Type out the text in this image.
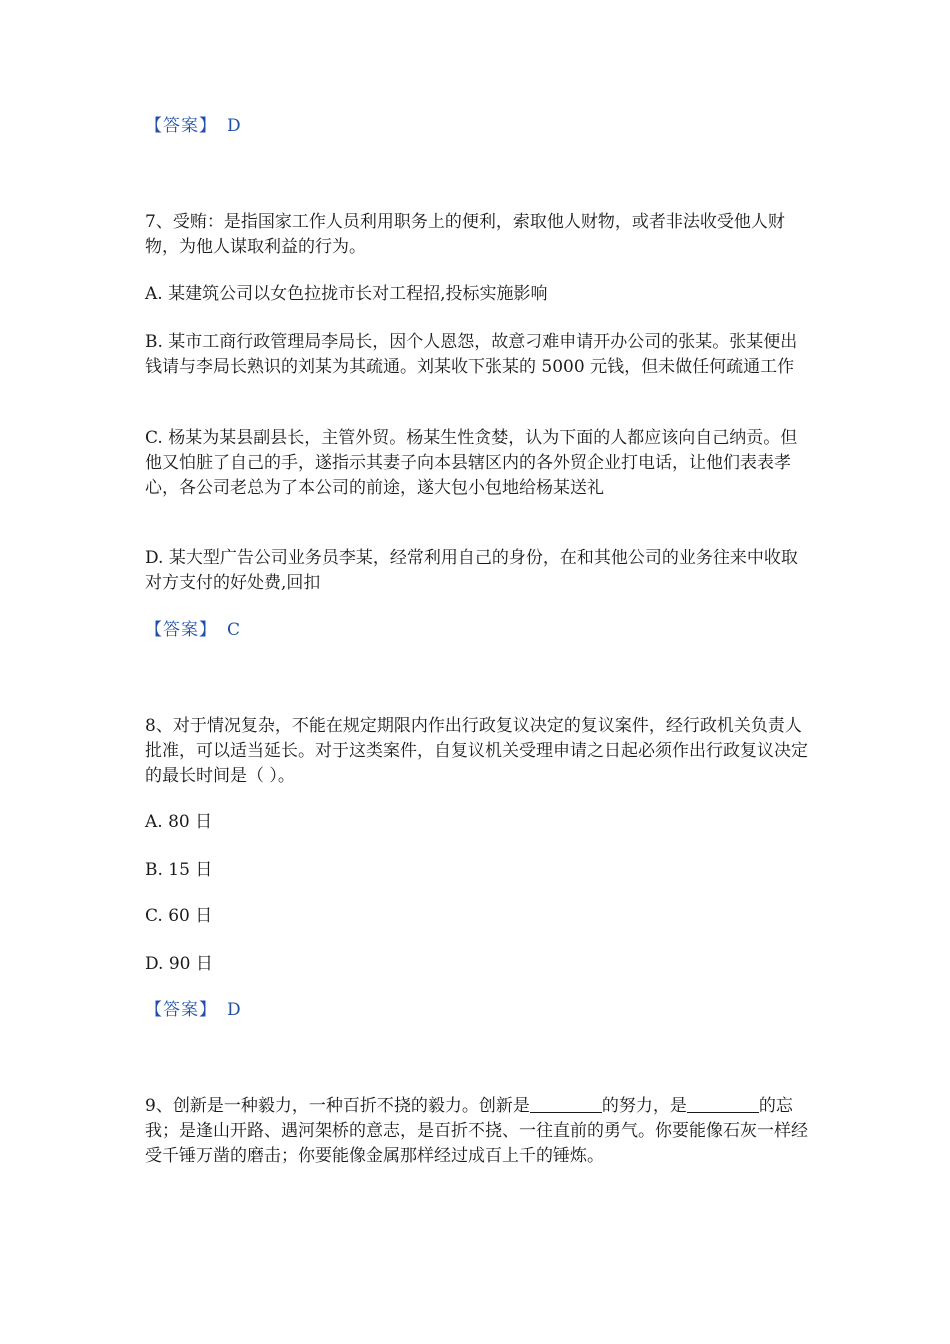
【答案】 D

7、受贿：是指国家工作人员利用职务上的便利，索取他人财物，或者非法收受他人财物，为他人谋取利益的行为。

A. 某建筑公司以女色拉拢市长对工程招,投标实施影响

B. 某市工商行政管理局李局长，因个人恩怨，故意刁难申请开办公司的张某。张某便出钱请与李局长熟识的刘某为其疏通。刘某收下张某的 5000 元钱，但未做任何疏通工作

C. 杨某为某县副县长，主管外贸。杨某生性贪婪，认为下面的人都应该向自己纳贡。但他又怕脏了自己的手，遂指示其妻子向本县辖区内的各外贸企业打电话，让他们表表孝心，各公司老总为了本公司的前途，遂大包小包地给杨某送礼

D. 某大型广告公司业务员李某，经常利用自己的身份，在和其他公司的业务往来中收取对方支付的好处费,回扣

【答案】 C

8、对于情况复杂，不能在规定期限内作出行政复议决定的复议案件，经行政机关负责人批准，可以适当延长。对于这类案件，自复议机关受理申请之日起必须作出行政复议决定的最长时间是（ ）。

A. 80 日

B. 15 日

C. 60 日

D. 90 日

【答案】 D

9、创新是一种毅力，一种百折不挠的毅力。创新是	的努力，是	的忘我；是逢山开路、遇河架桥的意志，是百折不挠、一往直前的勇气。你要能像石灰一样经受千锤万凿的磨击；你要能像金属那样经过成百上千的锤炼。
